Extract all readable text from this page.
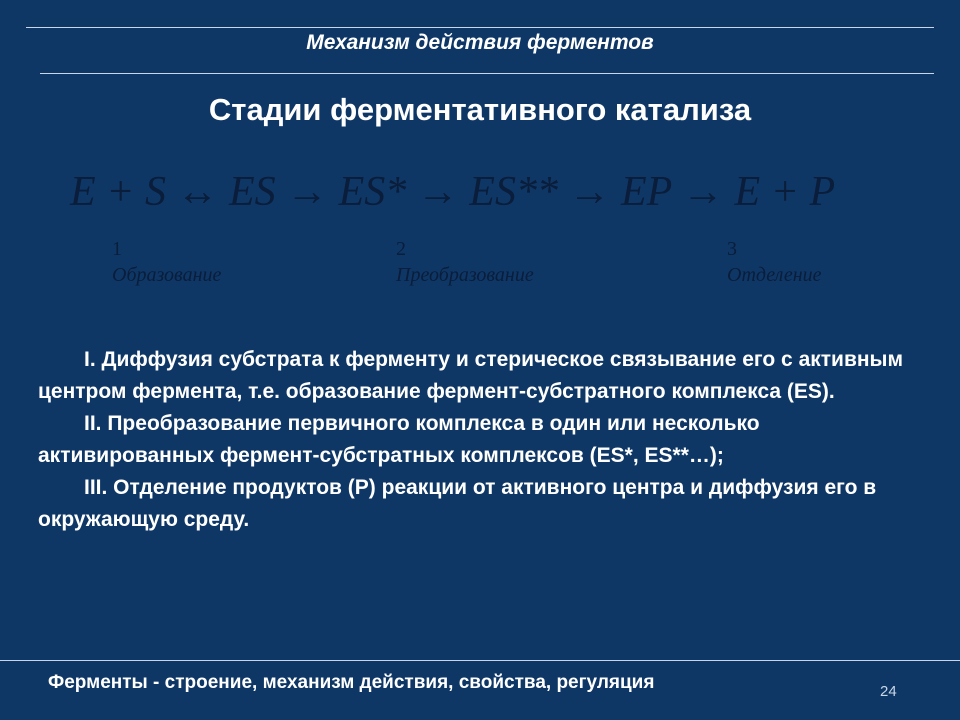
Механизм действия ферментов
Стадии ферментативного катализа
E + S ↔ ES → ES* → ES** → EP → E + P
1
Образование
2
Преобразование
3
Отделение

I. Диффузия субстрата к ферменту и стерическое связывание его с активным центром фермента, т.е. образование фермент-субстратного комплекса (ES).

II. Преобразование первичного комплекса в один или несколько активированных фермент-субстратных комплексов (ES*, ES**…);

III. Отделение продуктов (Р) реакции от активного центра и диффузия его в окружающую среду.

Ферменты - строение, механизм действия, свойства, регуляция	24
